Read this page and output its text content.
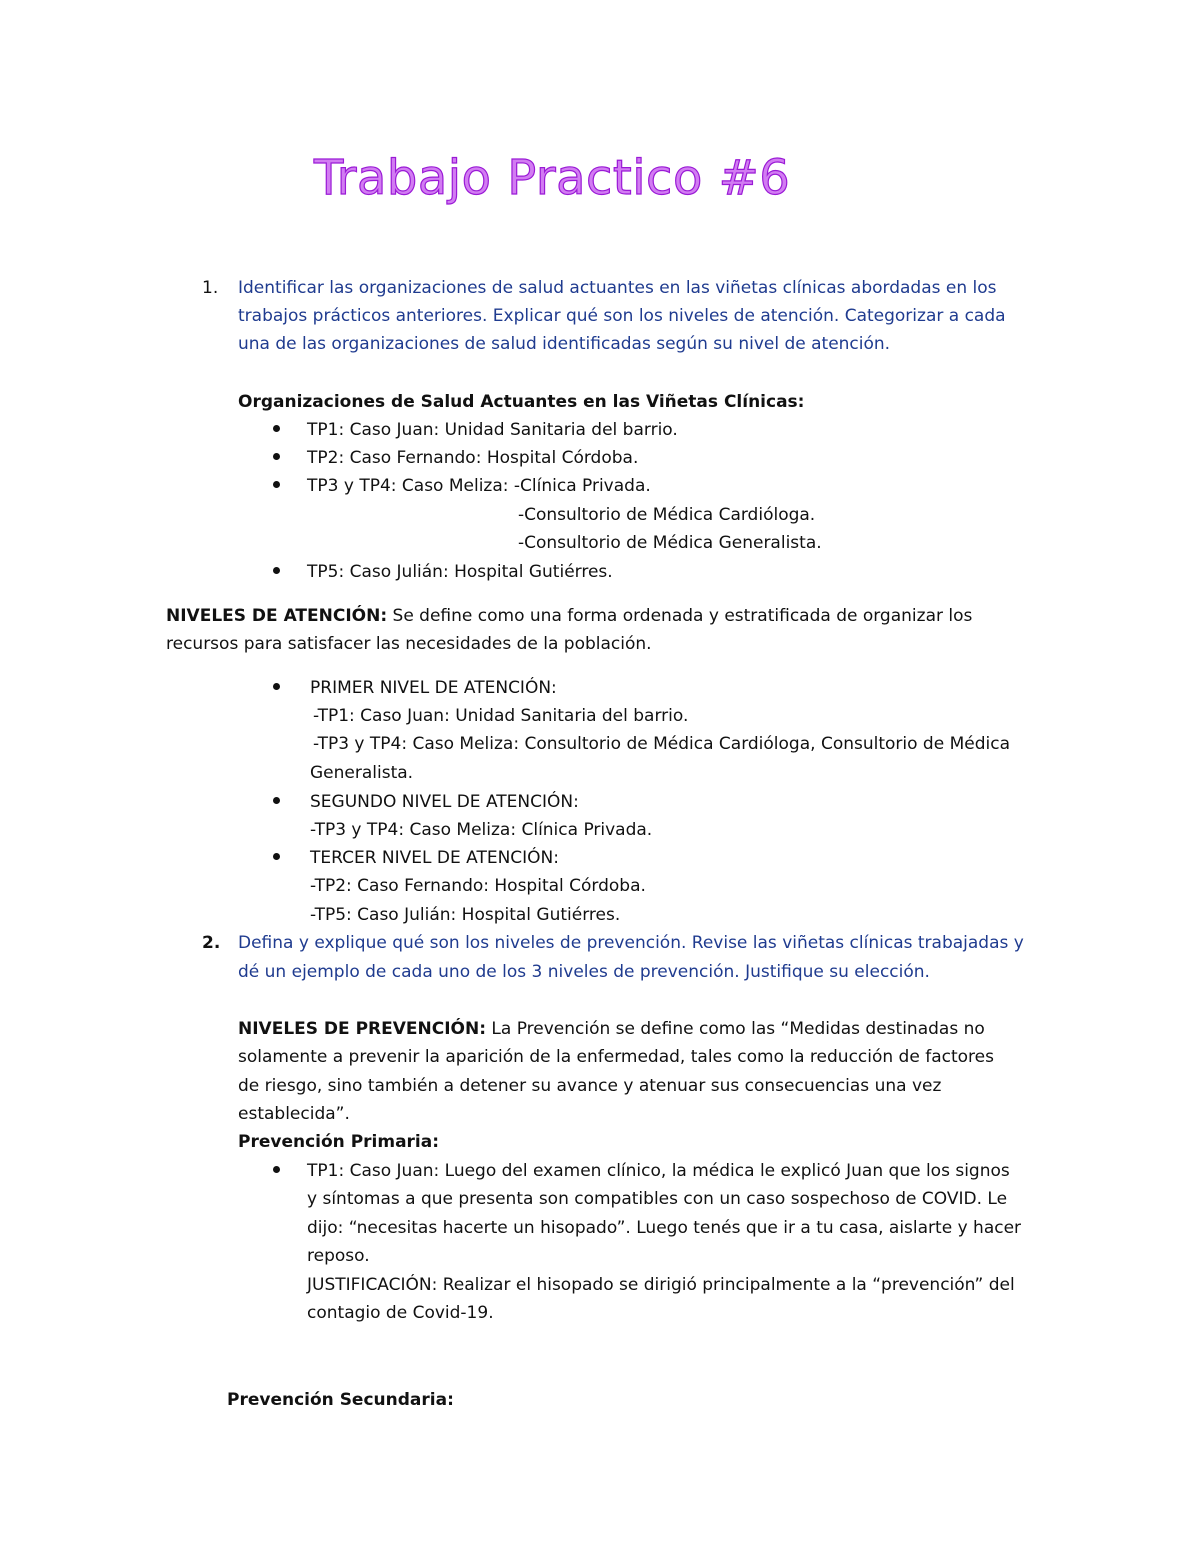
Trabajo Practico #6
1. Identificar las organizaciones de salud actuantes en las viñetas clínicas abordadas en los
trabajos prácticos anteriores. Explicar qué son los niveles de atención. Categorizar a cada
una de las organizaciones de salud identificadas según su nivel de atención.
Organizaciones de Salud Actuantes en las Viñetas Clínicas:
TP1: Caso Juan: Unidad Sanitaria del barrio.
TP2: Caso Fernando: Hospital Córdoba.
TP3 y TP4: Caso Meliza: -Clínica Privada.
-Consultorio de Médica Cardióloga.
-Consultorio de Médica Generalista.
TP5: Caso Julián: Hospital Gutiérres.
NIVELES DE ATENCIÓN: Se define como una forma ordenada y estratificada de organizar los
recursos para satisfacer las necesidades de la población.
PRIMER NIVEL DE ATENCIÓN:
-TP1: Caso Juan: Unidad Sanitaria del barrio.
-TP3 y TP4: Caso Meliza: Consultorio de Médica Cardióloga, Consultorio de Médica
Generalista.
SEGUNDO NIVEL DE ATENCIÓN:
-TP3 y TP4: Caso Meliza: Clínica Privada.
TERCER NIVEL DE ATENCIÓN:
-TP2: Caso Fernando: Hospital Córdoba.
-TP5: Caso Julián: Hospital Gutiérres.
2. Defina y explique qué son los niveles de prevención. Revise las viñetas clínicas trabajadas y
dé un ejemplo de cada uno de los 3 niveles de prevención. Justifique su elección.
NIVELES DE PREVENCIÓN: La Prevención se define como las “Medidas destinadas no
solamente a prevenir la aparición de la enfermedad, tales como la reducción de factores
de riesgo, sino también a detener su avance y atenuar sus consecuencias una vez
establecida”.
Prevención Primaria:
TP1: Caso Juan: Luego del examen clínico, la médica le explicó Juan que los signos
y síntomas a que presenta son compatibles con un caso sospechoso de COVID. Le
dijo: “necesitas hacerte un hisopado”. Luego tenés que ir a tu casa, aislarte y hacer
reposo.
JUSTIFICACIÓN: Realizar el hisopado se dirigió principalmente a la “prevención” del
contagio de Covid-19.
Prevención Secundaria:
